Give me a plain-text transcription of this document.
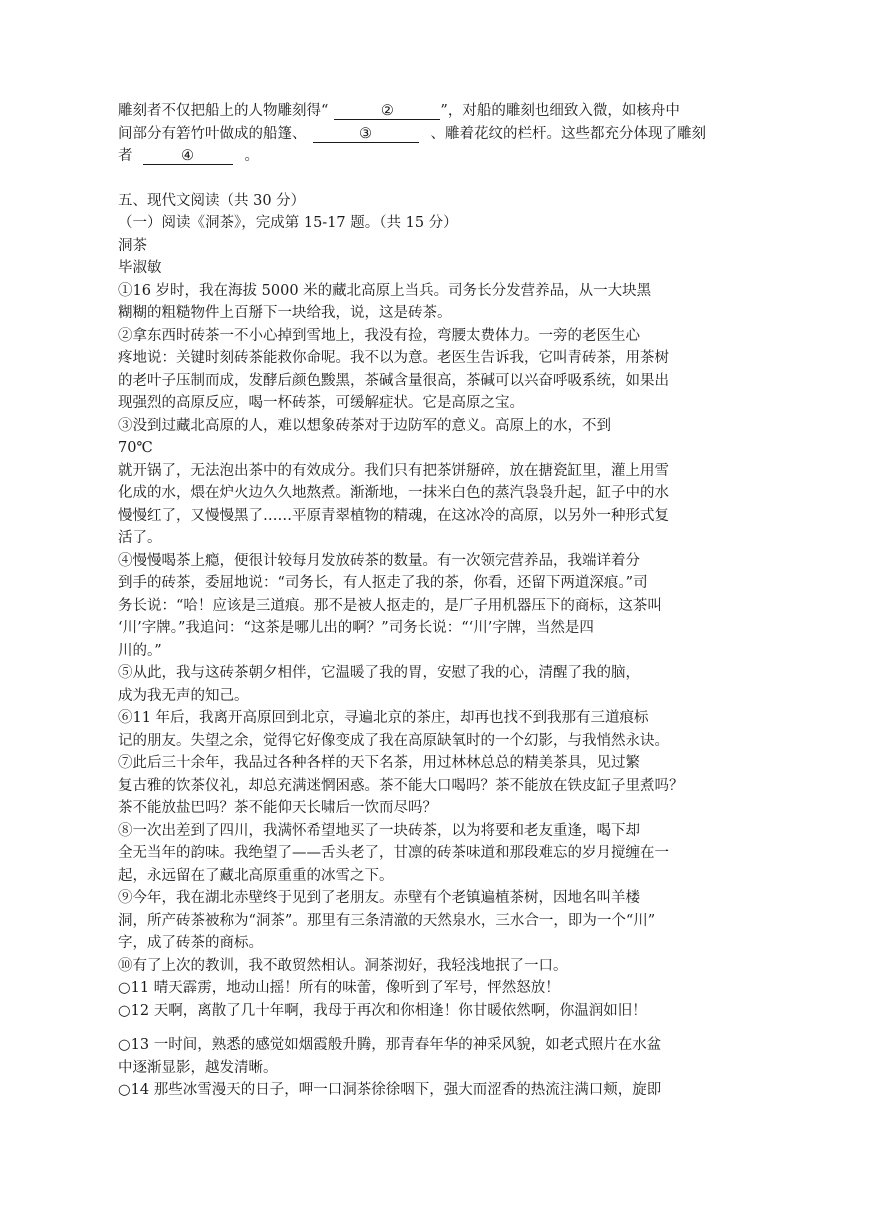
雕刻者不仅把船上的人物雕刻得“	②	”，对船的雕刻也细致入微，如核舟中
间部分有箬竹叶做成的船篷、	③	、雕着花纹的栏杆。这些都充分体现了雕刻
者	④	。
五、现代文阅读（共 30 分）
（一）阅读《洞茶》，完成第 15-17 题。（共 15 分）
洞茶
毕淑敏
①16 岁时，我在海拔 5000 米的藏北高原上当兵。司务长分发营养品，从一大块黑
糊糊的粗糙物件上百掰下一块给我，说，这是砖茶。
②拿东西时砖茶一不小心掉到雪地上，我没有捡，弯腰太费体力。一旁的老医生心
疼地说：关键时刻砖茶能救你命呢。我不以为意。老医生告诉我，它叫青砖茶，用茶树
的老叶子压制而成，发酵后颜色黢黑，茶碱含量很高，茶碱可以兴奋呼吸系统，如果出
现强烈的高原反应，喝一杯砖茶，可缓解症状。它是高原之宝。
③没到过藏北高原的人，难以想象砖茶对于边防军的意义。高原上的水，不到
70℃
就开锅了，无法泡出茶中的有效成分。我们只有把茶饼掰碎，放在搪瓷缸里，灌上用雪
化成的水，煨在炉火边久久地熬煮。渐渐地，一抹米白色的蒸汽袅袅升起，缸子中的水
慢慢红了，又慢慢黑了……平原青翠植物的精魂，在这冰冷的高原，以另外一种形式复
活了。
④慢慢喝茶上瘾，便很计较每月发放砖茶的数量。有一次领完营养品，我端详着分
到手的砖茶，委屈地说：“司务长，有人抠走了我的茶，你看，还留下两道深痕。”司
务长说：“哈！应该是三道痕。那不是被人抠走的，是厂子用机器压下的商标，这茶叫
‘川’字牌。”我追问：“这茶是哪儿出的啊？”司务长说：“‘川’字牌，当然是四
川的。”
⑤从此，我与这砖茶朝夕相伴，它温暖了我的胃，安慰了我的心，清醒了我的脑，
成为我无声的知己。
⑥11 年后，我离开高原回到北京，寻遍北京的茶庄，却再也找不到我那有三道痕标
记的朋友。失望之余，觉得它好像变成了我在高原缺氧时的一个幻影，与我悄然永诀。
⑦此后三十余年，我品过各种各样的天下名茶，用过林林总总的精美茶具，见过繁
复古雅的饮茶仪礼，却总充满迷惘困惑。茶不能大口喝吗？茶不能放在铁皮缸子里煮吗？
茶不能放盐巴吗？茶不能仰天长啸后一饮而尽吗？
⑧一次出差到了四川，我满怀希望地买了一块砖茶，以为将要和老友重逢，喝下却
全无当年的韵味。我绝望了——舌头老了，甘凛的砖茶味道和那段难忘的岁月搅缠在一
起，永远留在了藏北高原重重的冰雪之下。
⑨今年，我在湖北赤壁终于见到了老朋友。赤壁有个老镇遍植茶树，因地名叫羊楼
洞，所产砖茶被称为“洞茶”。那里有三条清澈的天然泉水，三水合一，即为一个“川”
字，成了砖茶的商标。
⑩有了上次的教训，我不敢贸然相认。洞茶沏好，我轻浅地抿了一口。
○11 晴天霹雳，地动山摇！所有的味蕾，像听到了军号，怦然怒放！
○12 天啊，离散了几十年啊，我母于再次和你相逢！你甘暖依然啊，你温润如旧！
○13 一时间，熟悉的感觉如烟霞般升腾，那青春年华的神采风貌，如老式照片在水盆
中逐渐显影，越发清晰。
○14 那些冰雪漫天的日子，呷一口洞茶徐徐咽下，强大而涩香的热流注满口颊，旋即
